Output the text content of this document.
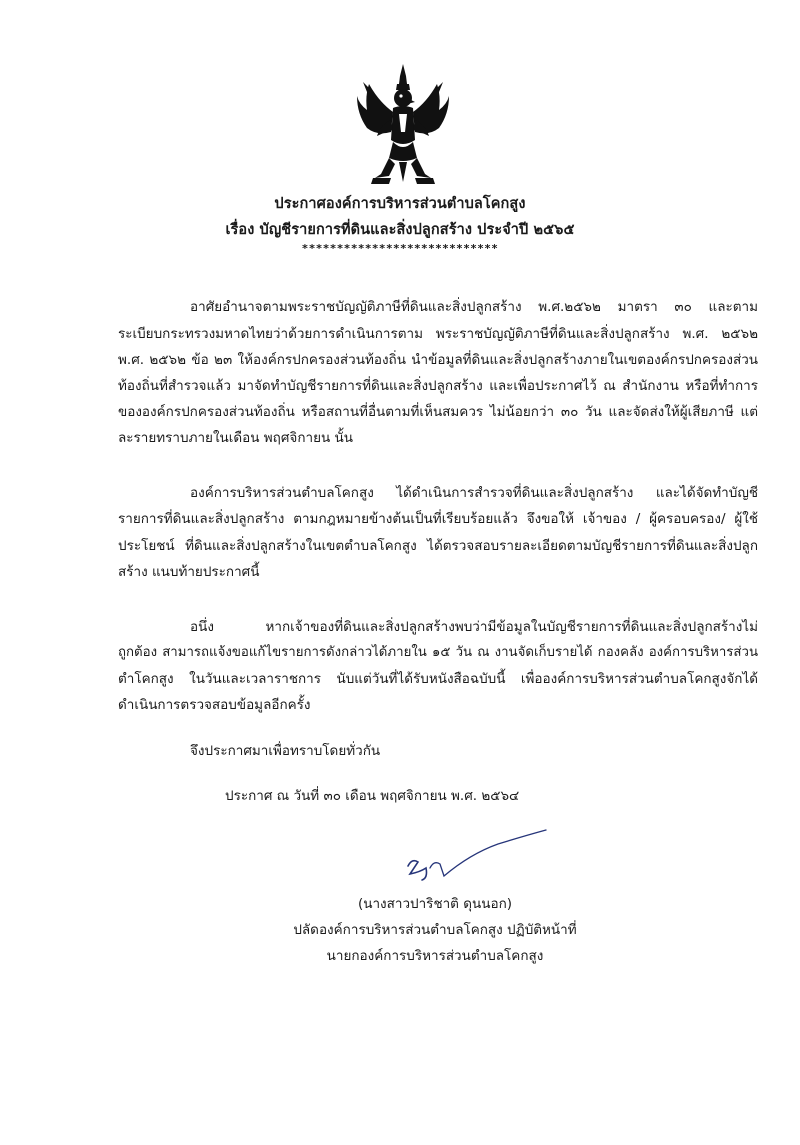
ประกาศองค์การบริหารส่วนตำบลโคกสูง
เรื่อง บัญชีรายการที่ดินและสิ่งปลูกสร้าง ประจำปี ๒๕๖๕
****************************
อาศัยอำนาจตามพระราชบัญญัติภาษีที่ดินและสิ่งปลูกสร้าง พ.ศ.๒๕๖๒ มาตรา ๓๐ และตาม
ระเบียบกระทรวงมหาดไทยว่าด้วยการดำเนินการตาม พระราชบัญญัติภาษีที่ดินและสิ่งปลูกสร้าง พ.ศ. ๒๕๖๒
พ.ศ. ๒๕๖๒ ข้อ ๒๓ ให้องค์กรปกครองส่วนท้องถิ่น นำข้อมูลที่ดินและสิ่งปลูกสร้างภายในเขตองค์กรปกครองส่วน
ท้องถิ่นที่สำรวจแล้ว มาจัดทำบัญชีรายการที่ดินและสิ่งปลูกสร้าง และเพื่อประกาศไว้ ณ สำนักงาน หรือที่ทำการ
ขององค์กรปกครองส่วนท้องถิ่น หรือสถานที่อื่นตามที่เห็นสมควร ไม่น้อยกว่า ๓๐ วัน และจัดส่งให้ผู้เสียภาษี แต่
ละรายทราบภายในเดือน พฤศจิกายน นั้น
องค์การบริหารส่วนตำบลโคกสูง ได้ดำเนินการสำรวจที่ดินและสิ่งปลูกสร้าง และได้จัดทำบัญชี
รายการที่ดินและสิ่งปลูกสร้าง ตามกฎหมายข้างต้นเป็นที่เรียบร้อยแล้ว จึงขอให้ เจ้าของ / ผู้ครอบครอง/ ผู้ใช้
ประโยชน์ ที่ดินและสิ่งปลูกสร้างในเขตตำบลโคกสูง ได้ตรวจสอบรายละเอียดตามบัญชีรายการที่ดินและสิ่งปลูก
สร้าง แนบท้ายประกาศนี้
อนึ่ง หากเจ้าของที่ดินและสิ่งปลูกสร้างพบว่ามีข้อมูลในบัญชีรายการที่ดินและสิ่งปลูกสร้างไม่
ถูกต้อง สามารถแจ้งขอแก้ไขรายการดังกล่าวได้ภายใน ๑๕ วัน ณ งานจัดเก็บรายได้ กองคลัง องค์การบริหารส่วน
ตำโคกสูง ในวันและเวลาราชการ นับแต่วันที่ได้รับหนังสือฉบับนี้ เพื่อองค์การบริหารส่วนตำบลโคกสูงจักได้
ดำเนินการตรวจสอบข้อมูลอีกครั้ง
จึงประกาศมาเพื่อทราบโดยทั่วกัน
ประกาศ ณ วันที่ ๓๐ เดือน พฤศจิกายน พ.ศ. ๒๕๖๔
(นางสาวปาริชาติ ดุนนอก)
ปลัดองค์การบริหารส่วนตำบลโคกสูง ปฏิบัติหน้าที่
นายกองค์การบริหารส่วนตำบลโคกสูง
